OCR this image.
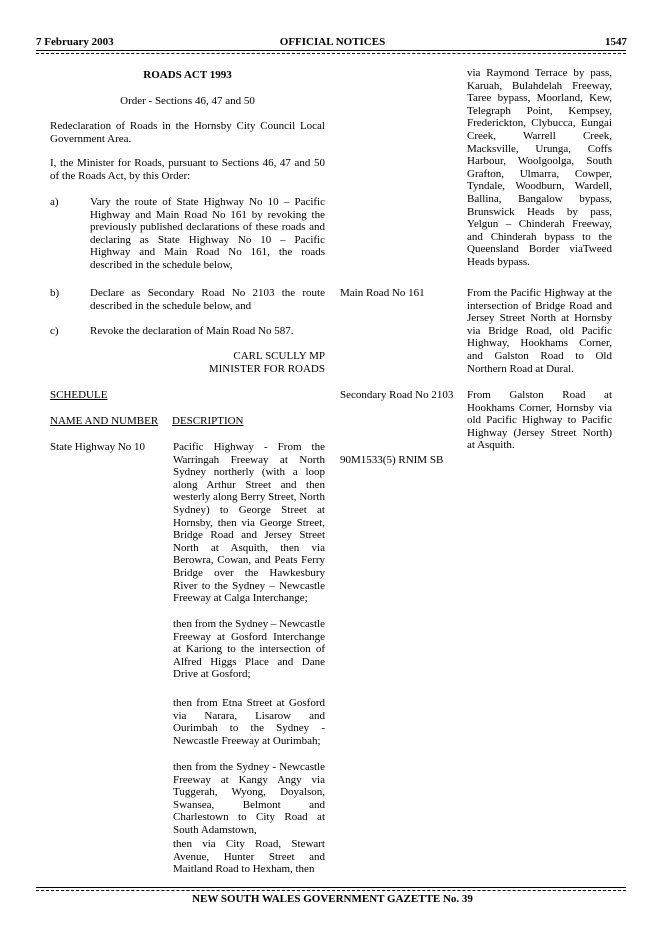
7 February 2003	OFFICIAL NOTICES	1547
ROADS ACT 1993
Order - Sections 46, 47 and 50
Redeclaration of Roads in the Hornsby City Council Local Government Area.
I, the Minister for Roads, pursuant to Sections 46, 47 and 50 of the Roads Act, by this Order:
a)	Vary the route of State Highway No 10 – Pacific Highway and Main Road No 161 by revoking the previously published declarations of these roads and declaring as State Highway No 10 – Pacific Highway and Main Road No 161, the roads described in the schedule below,
b)	Declare as Secondary Road No 2103 the route described in the schedule below, and
c)	Revoke the declaration of Main Road No 587.
CARL SCULLY MP
MINISTER FOR ROADS
SCHEDULE
NAME AND NUMBER DESCRIPTION
State Highway No 10	Pacific Highway - From the Warringah Freeway at North Sydney northerly (with a loop along Arthur Street and then westerly along Berry Street, North Sydney) to George Street at Hornsby, then via George Street, Bridge Road and Jersey Street North at Asquith, then via Berowra, Cowan, and Peats Ferry Bridge over the Hawkesbury River to the Sydney – Newcastle Freeway at Calga Interchange;
then from the Sydney – Newcastle Freeway at Gosford Interchange at Kariong to the intersection of Alfred Higgs Place and Dane Drive at Gosford;
then from Etna Street at Gosford via Narara, Lisarow and Ourimbah to the Sydney - Newcastle Freeway at Ourimbah;
then from the Sydney - Newcastle Freeway at Kangy Angy via Tuggerah, Wyong, Doyalson, Swansea, Belmont and Charlestown to City Road at South Adamstown,
then via City Road, Stewart Avenue, Hunter Street and Maitland Road to Hexham, then
via Raymond Terrace by pass, Karuah, Bulahdelah Freeway, Taree bypass, Moorland, Kew, Telegraph Point, Kempsey, Frederickton, Clybucca, Eungai Creek, Warrell Creek, Macksville, Urunga, Coffs Harbour, Woolgoolga, South Grafton, Ulmarra, Cowper, Tyndale, Woodburn, Wardell, Ballina, Bangalow bypass, Brunswick Heads by pass, Yelgun – Chinderah Freeway, and Chinderah bypass to the Queensland Border viaTweed Heads bypass.
Main Road No 161	From the Pacific Highway at the intersection of Bridge Road and Jersey Street North at Hornsby via Bridge Road, old Pacific Highway, Hookhams Corner, and Galston Road to Old Northern Road at Dural.
Secondary Road No 2103 From Galston Road at Hookhams Corner, Hornsby via old Pacific Highway to Pacific Highway (Jersey Street North) at Asquith.
90M1533(5) RNIM SB
NEW SOUTH WALES GOVERNMENT GAZETTE No. 39
